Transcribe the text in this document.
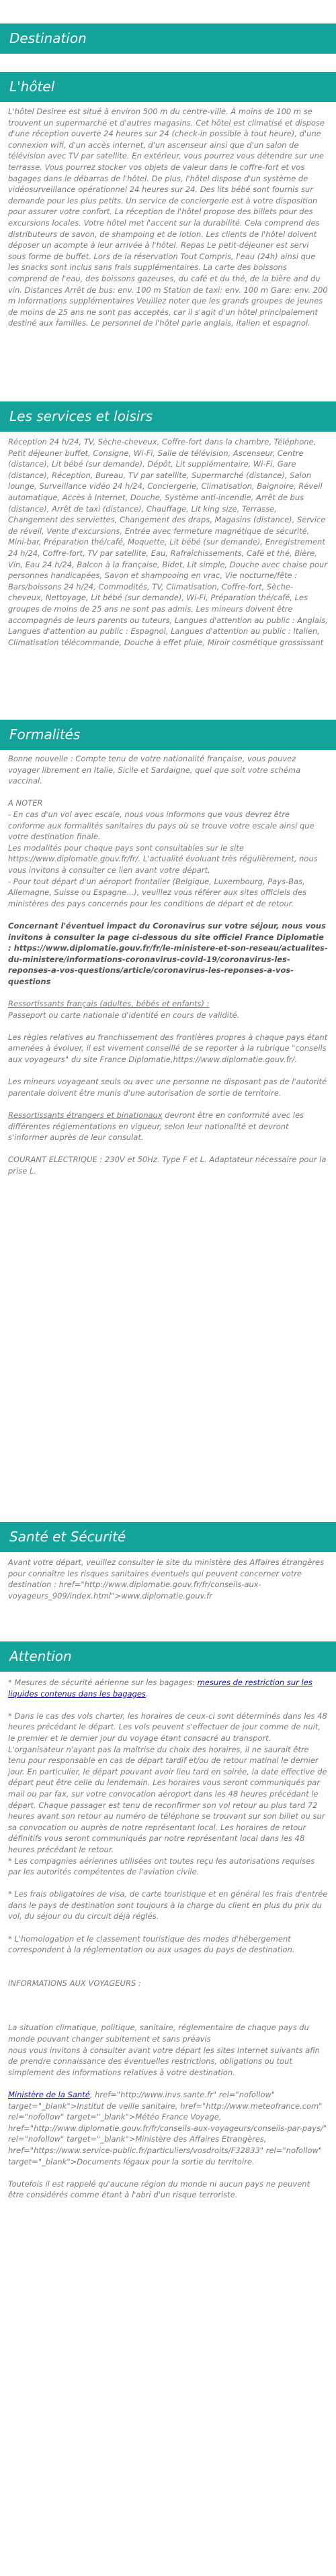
Destination
L'hôtel

L'hôtel Desiree est situé à environ 500 m du centre-ville. À moins de 100 m se trouvent un supermarché et d'autres magasins. Cet hôtel est climatisé et dispose d'une réception ouverte 24 heures sur 24 (check-in possible à tout heure), d'une connexion wifi, d'un accès internet, d'un ascenseur ainsi que d'un salon de télévision avec TV par satellite. En extérieur, vous pourrez vous détendre sur une terrasse. Vous pourrez stocker vos objets de valeur dans le coffre-fort et vos bagages dans le débarras de l'hôtel. De plus, l'hôtel dispose d'un système de vidéosurveillance opérationnel 24 heures sur 24. Des lits bébé sont fournis sur demande pour les plus petits. Un service de conciergerie est à votre disposition pour assurer votre confort. La réception de l'hôtel propose des billets pour des excursions locales. Votre hôtel met l'accent sur la durabilité. Cela comprend des distributeurs de savon, de shampoing et de lotion. Les clients de l'hôtel doivent déposer un acompte à leur arrivée à l'hôtel. Repas Le petit-déjeuner est servi sous forme de buffet. Lors de la réservation Tout Compris, l'eau (24h) ainsi que les snacks sont inclus sans frais supplémentaires. La carte des boissons comprend de l'eau, des boissons gazeuses, du café et du thé, de la bière and du vin. Distances Arrêt de bus: env. 100 m Station de taxi: env. 100 m Gare: env. 200 m Informations supplémentaires Veuillez noter que les grands groupes de jeunes de moins de 25 ans ne sont pas acceptés, car il s'agit d'un hôtel principalement destiné aux familles. Le personnel de l'hôtel parle anglais, italien et espagnol.

Les services et loisirs

Réception 24 h/24, TV, Sèche-cheveux, Coffre-fort dans la chambre, Téléphone, Petit déjeuner buffet, Consigne, Wi-Fi, Salle de télévision, Ascenseur, Centre (distance), Lit bébé (sur demande), Dépôt, Lit supplémentaire, Wi-Fi, Gare (distance), Réception, Bureau, TV par satellite, Supermarché (distance), Salon lounge, Surveillance vidéo 24 h/24, Conciergerie, Climatisation, Baignoire, Réveil automatique, Accès à Internet, Douche, Système anti-incendie, Arrêt de bus (distance), Arrêt de taxi (distance), Chauffage, Lit king size, Terrasse, Changement des serviettes, Changement des draps, Magasins (distance), Service de réveil, Vente d'excursions, Entrée avec fermeture magnétique de sécurité, Mini-bar, Préparation thé/café, Moquette, Lit bébé (sur demande), Enregistrement 24 h/24, Coffre-fort, TV par satellite, Eau, Rafraîchissements, Café et thé, Bière, Vin, Eau 24 h/24, Balcon à la française, Bidet, Lit simple, Douche avec chaise pour personnes handicapées, Savon et shampooing en vrac, Vie nocturne/fête : Bars/boissons 24 h/24, Commodités, TV, Climatisation, Coffre-fort, Sèche-cheveux, Nettoyage, Lit bébé (sur demande), Wi-Fi, Préparation thé/café, Les groupes de moins de 25 ans ne sont pas admis, Les mineurs doivent être accompagnés de leurs parents ou tuteurs, Langues d'attention au public : Anglais, Langues d'attention au public : Espagnol, Langues d'attention au public : Italien, Climatisation télécommande, Douche à effet pluie, Miroir cosmétique grossissant

Formalités

Bonne nouvelle : Compte tenu de votre nationalité française, vous pouvez voyager librement en Italie, Sicile et Sardaigne, quel que soit votre schéma vaccinal.

A NOTER
- En cas d'un vol avec escale, nous vous informons que vous devrez être conforme aux formalités sanitaires du pays où se trouve votre escale ainsi que votre destination finale.
Les modalités pour chaque pays sont consultables sur le site https://www.diplomatie.gouv.fr/fr/. L'actualité évoluant très régulièrement, nous vous invitons à consulter ce lien avant votre départ.
- Pour tout départ d'un aéroport frontalier (Belgique, Luxembourg, Pays-Bas, Allemagne, Suisse ou Espagne...), veuillez vous référer aux sites officiels des ministères des pays concernés pour les conditions de départ et de retour.

Concernant l'éventuel impact du Coronavirus sur votre séjour, nous vous invitons à consulter la page ci-dessous du site officiel France Diplomatie : https://www.diplomatie.gouv.fr/fr/le-ministere-et-son-reseau/actualites-du-ministere/informations-coronavirus-covid-19/coronavirus-les-reponses-a-vos-questions/article/coronavirus-les-reponses-a-vos-questions

Ressortissants français (adultes, bébés et enfants) :
Passeport ou carte nationale d'identité en cours de validité.

Les règles relatives au franchissement des frontières propres à chaque pays étant amenées à évoluer, il est vivement conseillé de se reporter à la rubrique "conseils aux voyageurs" du site France Diplomatie,https://www.diplomatie.gouv.fr/.

Les mineurs voyageant seuls ou avec une personne ne disposant pas de l'autorité parentale doivent être munis d'une autorisation de sortie de territoire.

Ressortissants étrangers et binationaux devront être en conformité avec les différentes réglementations en vigueur, selon leur nationalité et devront s'informer auprès de leur consulat.

COURANT ELECTRIQUE : 230V et 50Hz. Type F et L. Adaptateur nécessaire pour la prise L.

Santé et Sécurité

Avant votre départ, veuillez consulter le site du ministère des Affaires étrangères pour connaître les risques sanitaires éventuels qui peuvent concerner votre
destination : href="http://www.diplomatie.gouv.fr/fr/conseils-aux-voyageurs_909/index.html">www.diplomatie.gouv.fr

Attention

* Mesures de sécurité aérienne sur les bagages: mesures de restriction sur les liquides contenus dans les bagages.

* Dans le cas des vols charter, les horaires de ceux-ci sont déterminés dans les 48 heures précédant le départ. Les vols peuvent s'effectuer de jour comme de nuit, le premier et le dernier jour du voyage étant consacré au transport. L'organisateur n'ayant pas la maîtrise du choix des horaires, il ne saurait être tenu pour responsable en cas de départ tardif et/ou de retour matinal le dernier jour. En particulier, le départ pouvant avoir lieu tard en soirée, la date effective de départ peut être celle du lendemain. Les horaires vous seront communiqués par mail ou par fax, sur votre convocation aéroport dans les 48 heures précédant le départ. Chaque passager est tenu de reconfirmer son vol retour au plus tard 72 heures avant son retour au numéro de téléphone se trouvant sur son billet ou sur sa convocation ou auprès de notre représentant local. Les horaires de retour définitifs vous seront communiqués par notre représentant local dans les 48 heures précédant le retour.
* Les compagnies aériennes utilisées ont toutes reçu les autorisations requises par les autorités compétentes de l'aviation civile.

* Les frais obligatoires de visa, de carte touristique et en général les frais d'entrée dans le pays de destination sont toujours à la charge du client en plus du prix du vol, du séjour ou du circuit déjà réglés.

* L'homologation et le classement touristique des modes d'hébergement correspondent à la réglementation ou aux usages du pays de destination.

INFORMATIONS AUX VOYAGEURS :

La situation climatique, politique, sanitaire, réglementaire de chaque pays du monde pouvant changer subitement et sans préavis
nous vous invitons à consulter avant votre départ les sites Internet suivants afin de prendre connaissance des éventuelles restrictions, obligations ou tout simplement des informations relatives à votre destination.

Ministère de la Santé, href="http://www.invs.sante.fr" rel="nofollow" target="_blank">Institut de veille sanitaire, href="http://www.meteofrance.com" rel="nofollow" target="_blank">Météo France Voyage, href="http://www.diplomatie.gouv.fr/fr/conseils-aux-voyageurs/conseils-par-pays/" rel="nofollow" target="_blank">Ministère des Affaires Etrangères, href="https://www.service-public.fr/particuliers/vosdroits/F32833" rel="nofollow" target="_blank">Documents légaux pour la sortie du territoire.

Toutefois il est rappelé qu'aucune région du monde ni aucun pays ne peuvent être considérés comme étant à l'abri d'un risque terroriste.
